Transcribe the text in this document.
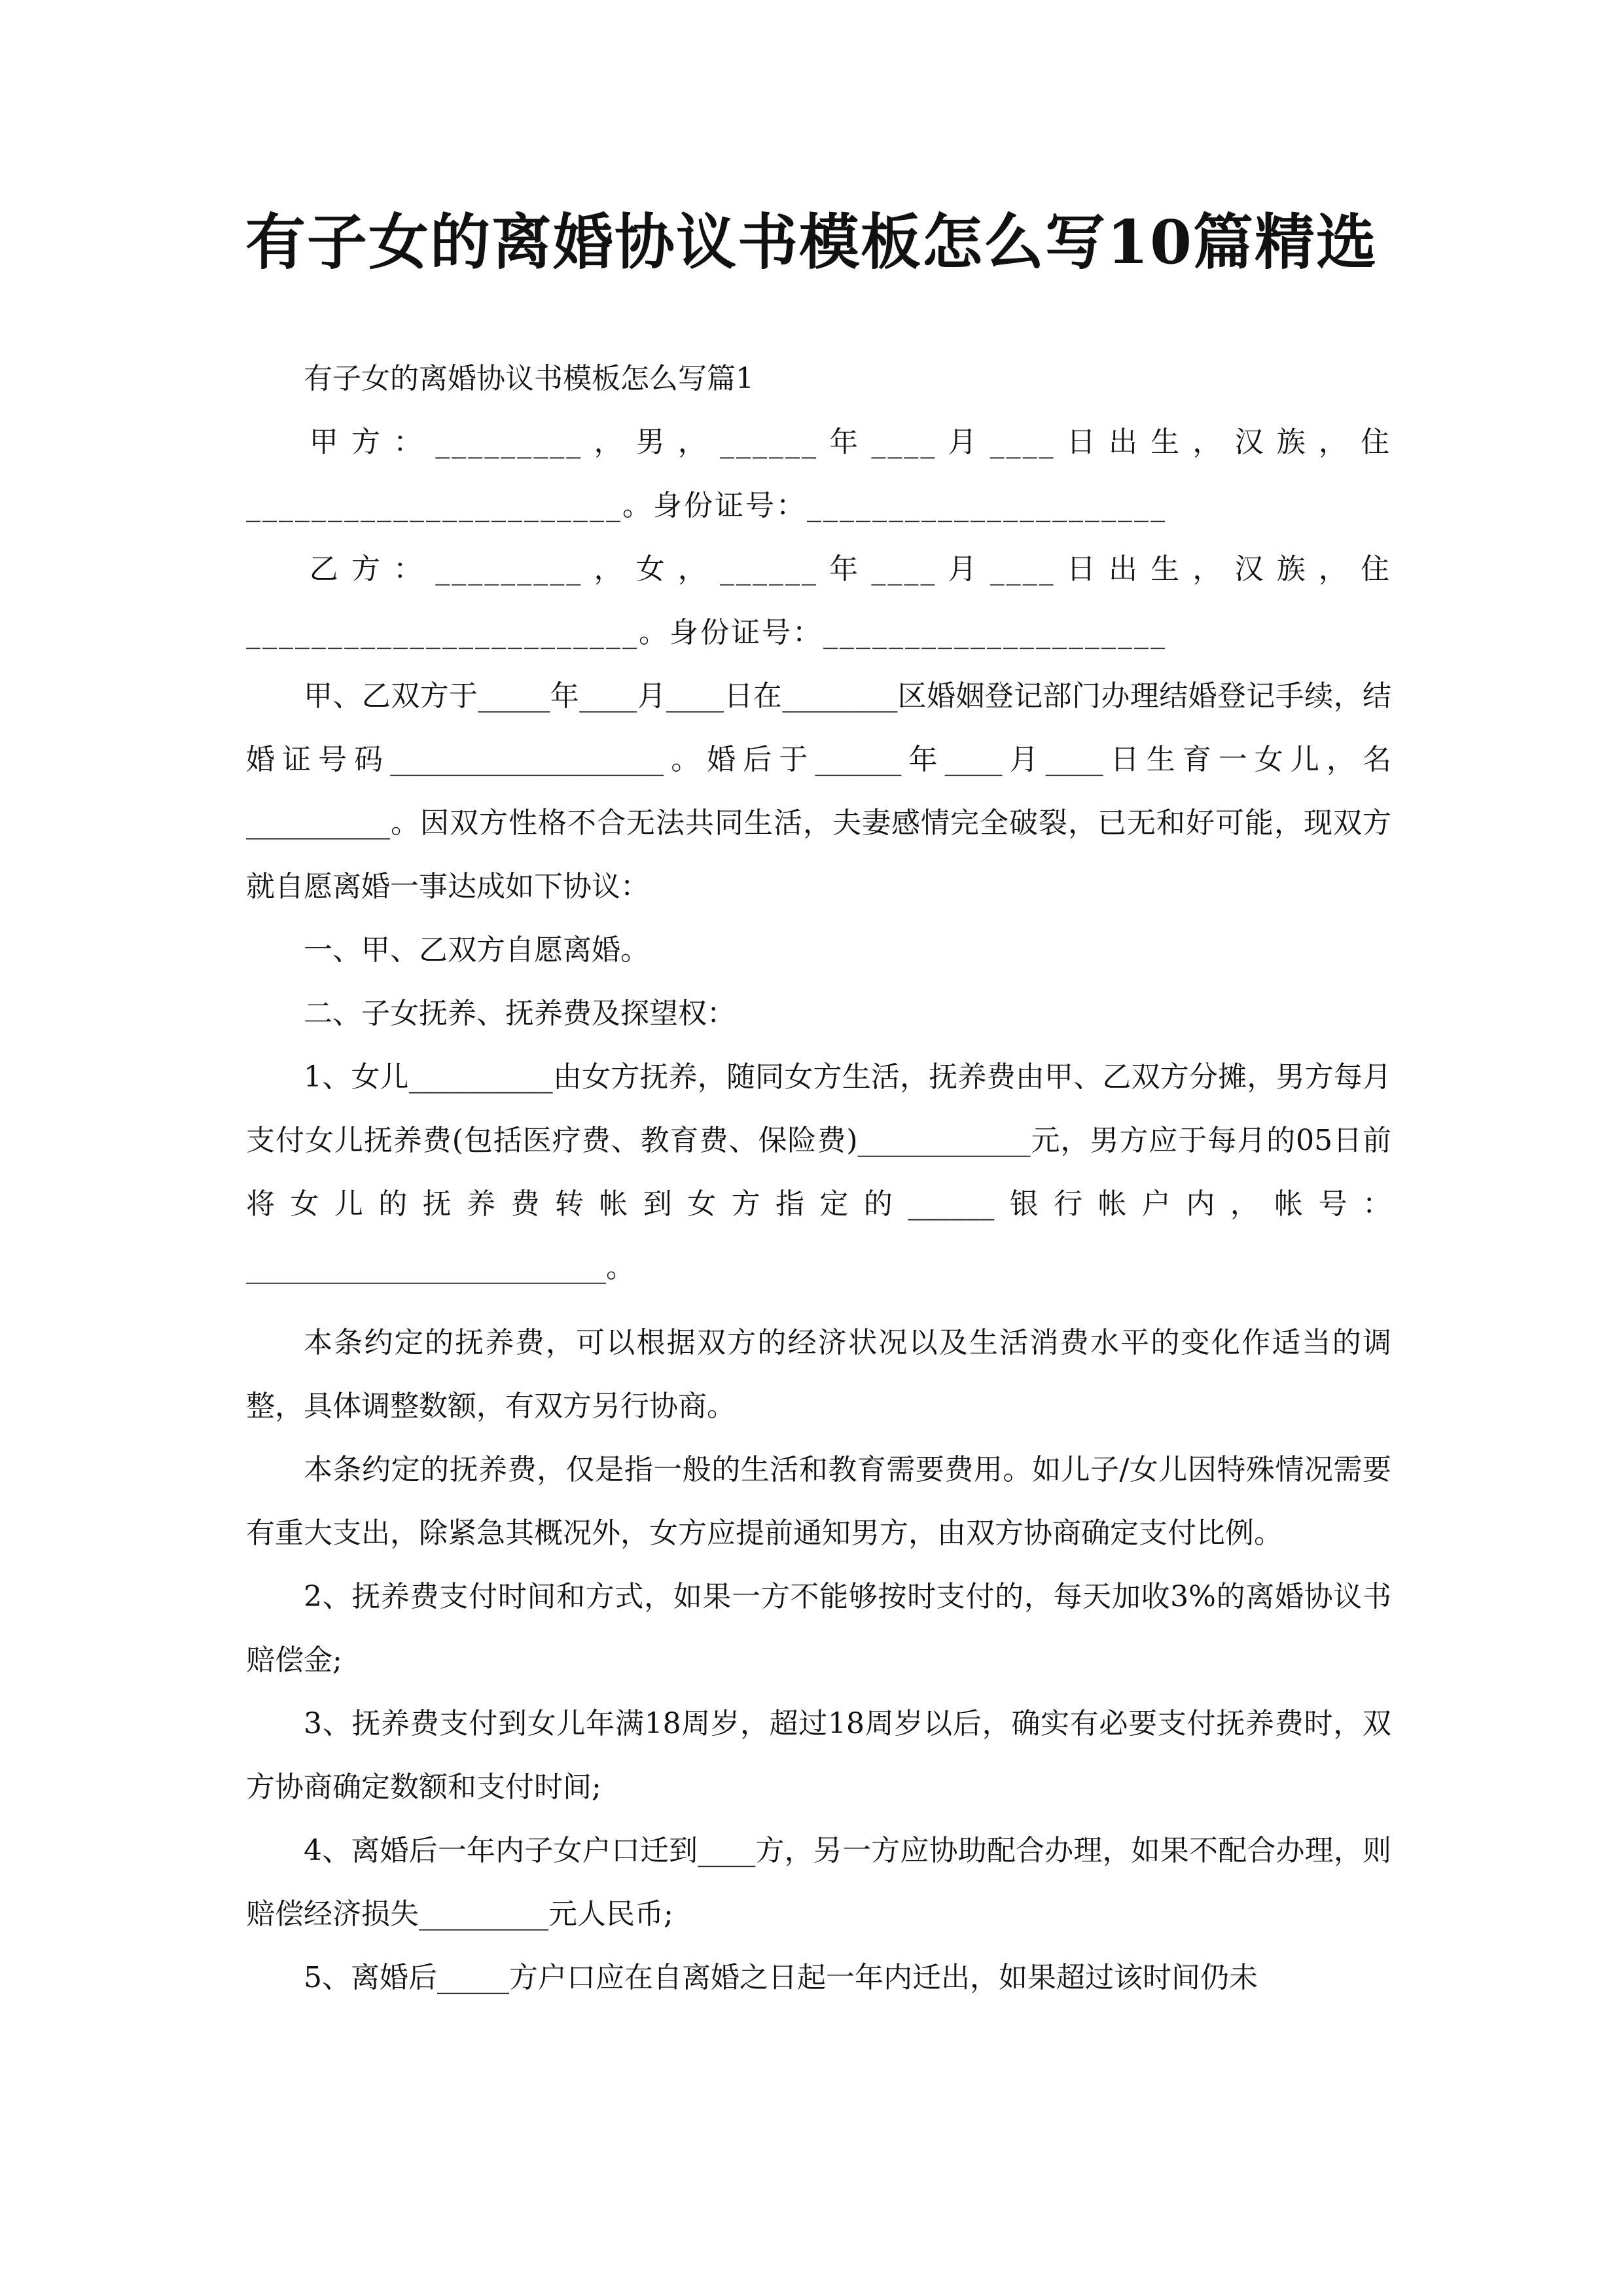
有子女的离婚协议书模板怎么写10篇精选

有子女的离婚协议书模板怎么写篇1

甲方：_________，男，______年____月____日出生，汉族，住_______________________。身份证号：______________________

乙方：_________，女，______年____月____日出生，汉族，住________________________。身份证号：_____________________

甲、乙双方于_____年____月____日在________区婚姻登记部门办理结婚登记手续，结婚证号码___________________。婚后于______年____月____日生育一女儿，名__________。因双方性格不合无法共同生活，夫妻感情完全破裂，已无和好可能，现双方就自愿离婚一事达成如下协议：

一、甲、乙双方自愿离婚。

二、子女抚养、抚养费及探望权：

1、女儿__________由女方抚养，随同女方生活，抚养费由甲、乙双方分摊，男方每月支付女儿抚养费(包括医疗费、教育费、保险费)____________元，男方应于每月的05日前将女儿的抚养费转帐到女方指定的______银行帐户内，帐号：_________________________。

本条约定的抚养费，可以根据双方的经济状况以及生活消费水平的变化作适当的调整，具体调整数额，有双方另行协商。

本条约定的抚养费，仅是指一般的生活和教育需要费用。如儿子/女儿因特殊情况需要有重大支出，除紧急其概况外，女方应提前通知男方，由双方协商确定支付比例。

2、抚养费支付时间和方式，如果一方不能够按时支付的，每天加收3%的离婚协议书赔偿金;

3、抚养费支付到女儿年满18周岁，超过18周岁以后，确实有必要支付抚养费时，双方协商确定数额和支付时间;

4、离婚后一年内子女户口迁到____方，另一方应协助配合办理，如果不配合办理，则赔偿经济损失_________元人民币;

5、离婚后_____方户口应在自离婚之日起一年内迁出，如果超过该时间仍未
